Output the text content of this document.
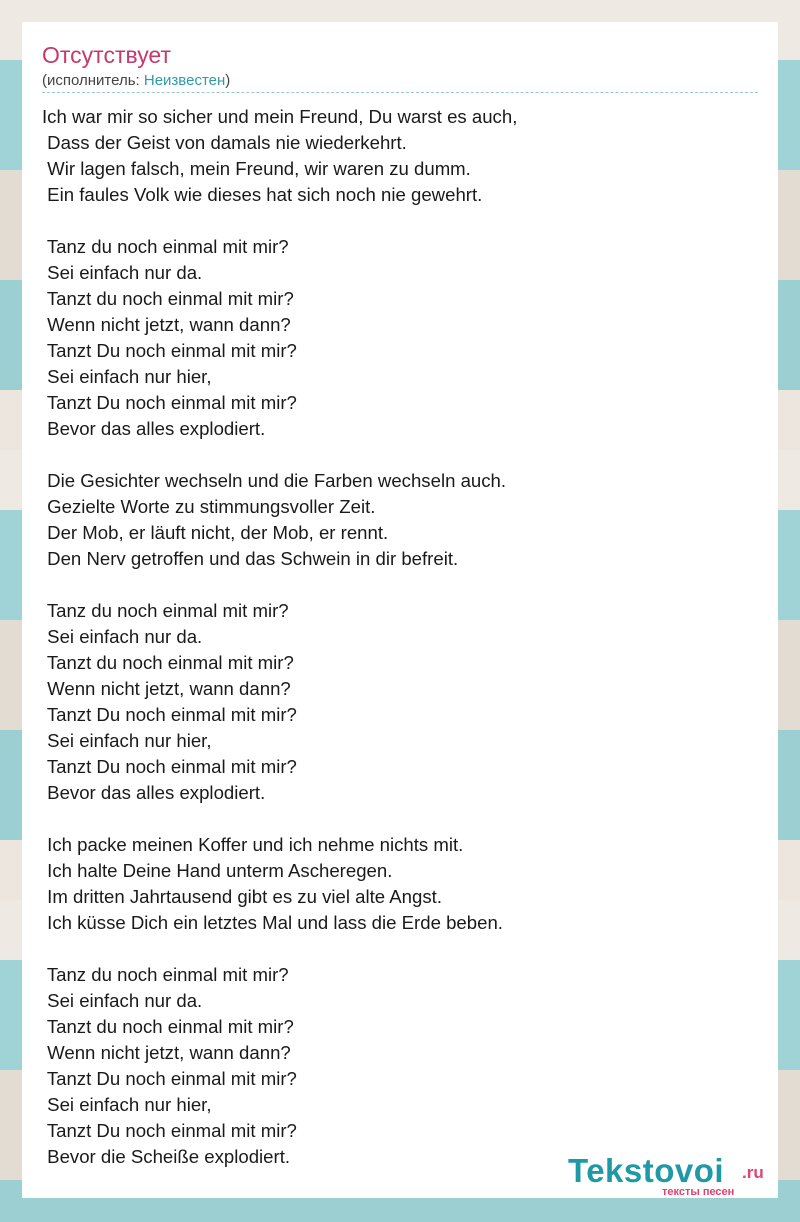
Отсутствует
(исполнитель: Неизвестен)
Ich war mir so sicher und mein Freund, Du warst es auch,
Dass der Geist von damals nie wiederkehrt.
Wir lagen falsch, mein Freund, wir waren zu dumm.
Ein faules Volk wie dieses hat sich noch nie gewehrt.
Tanz du noch einmal mit mir?
Sei einfach nur da.
Tanzt du noch einmal mit mir?
Wenn nicht jetzt, wann dann?
Tanzt Du noch einmal mit mir?
Sei einfach nur hier,
Tanzt Du noch einmal mit mir?
Bevor das alles explodiert.
Die Gesichter wechseln und die Farben wechseln auch.
Gezielte Worte zu stimmungsvoller Zeit.
Der Mob, er läuft nicht, der Mob, er rennt.
Den Nerv getroffen und das Schwein in dir befreit.
Tanz du noch einmal mit mir?
Sei einfach nur da.
Tanzt du noch einmal mit mir?
Wenn nicht jetzt, wann dann?
Tanzt Du noch einmal mit mir?
Sei einfach nur hier,
Tanzt Du noch einmal mit mir?
Bevor das alles explodiert.
Ich packe meinen Koffer und ich nehme nichts mit.
Ich halte Deine Hand unterm Ascheregen.
Im dritten Jahrtausend gibt es zu viel alte Angst.
Ich küsse Dich ein letztes Mal und lass die Erde beben.
Tanz du noch einmal mit mir?
Sei einfach nur da.
Tanzt du noch einmal mit mir?
Wenn nicht jetzt, wann dann?
Tanzt Du noch einmal mit mir?
Sei einfach nur hier,
Tanzt Du noch einmal mit mir?
Bevor die Scheiße explodiert.	Tekstovoi .ru
тексты песен
